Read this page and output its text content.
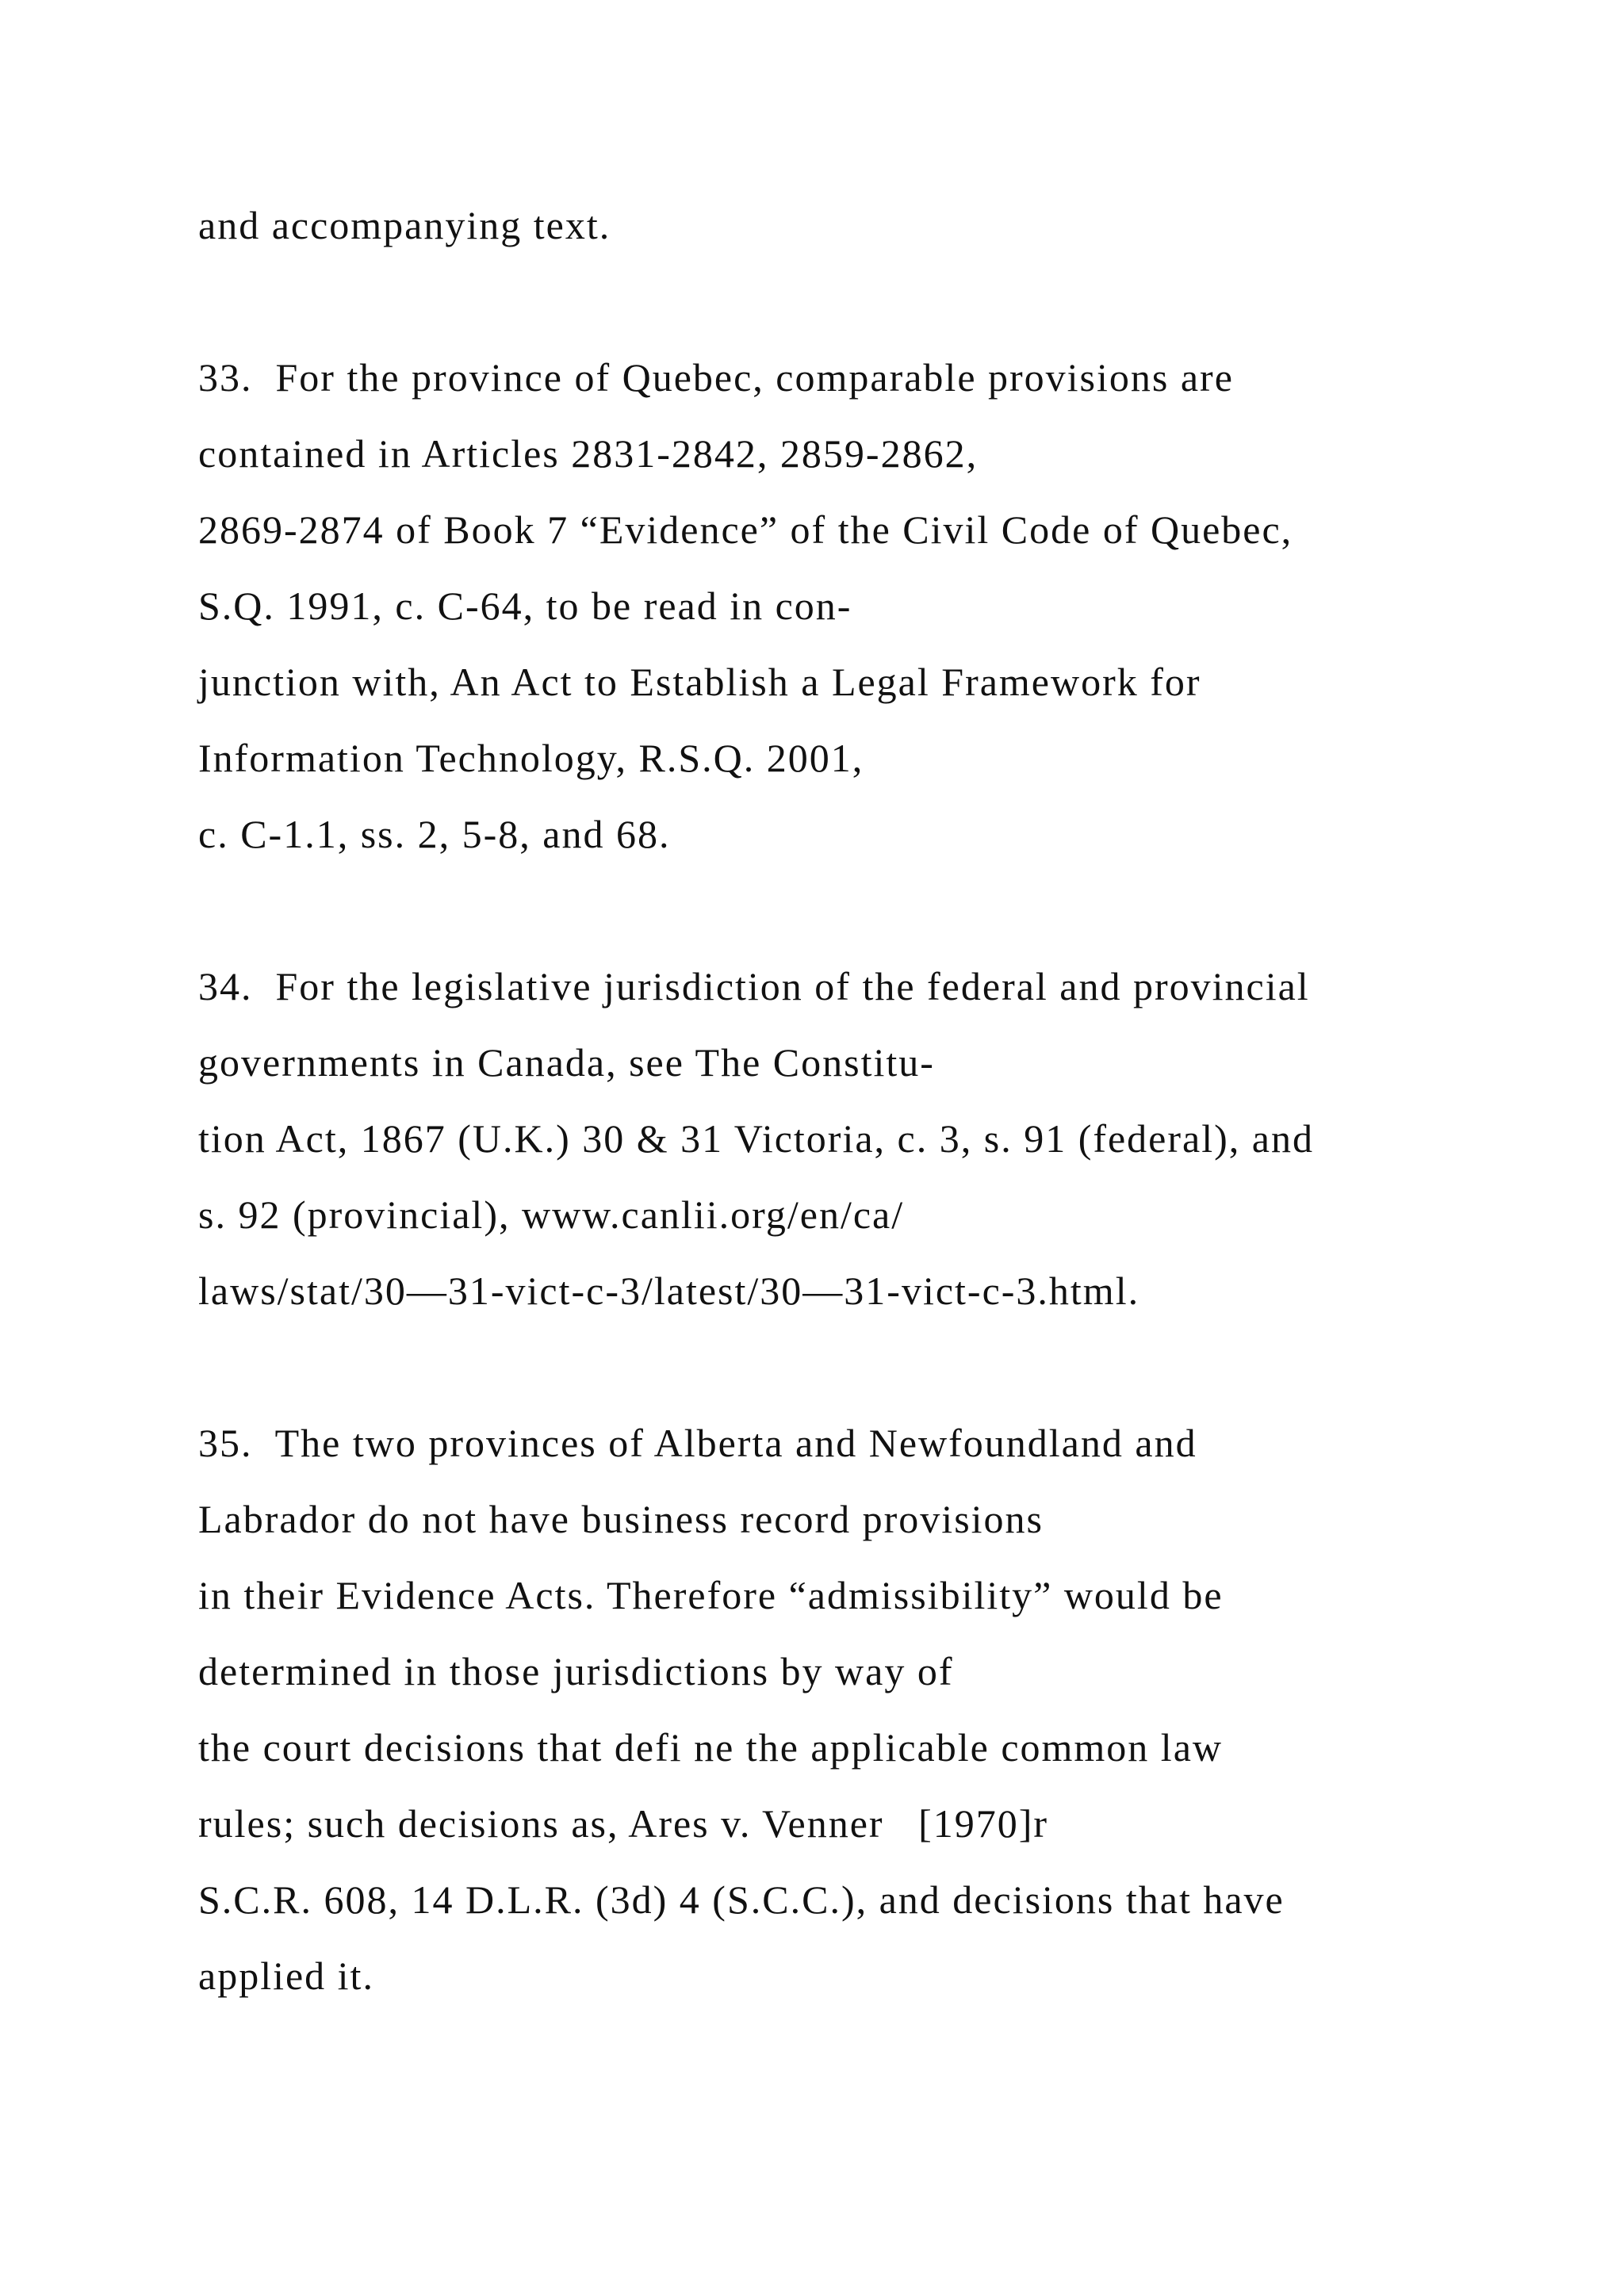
and accompanying text.
33.  For the province of Quebec, comparable provisions are
contained in Articles 2831-2842, 2859-2862,
2869-2874 of Book 7 “Evidence” of the Civil Code of Quebec,
S.Q. 1991, c. C-64, to be read in con-
junction with, An Act to Establish a Legal Framework for
Information Technology, R.S.Q. 2001,
c. C-1.1, ss. 2, 5-8, and 68.
34.  For the legislative jurisdiction of the federal and provincial
governments in Canada, see The Constitu-
tion Act, 1867 (U.K.) 30 & 31 Victoria, c. 3, s. 91 (federal), and
s. 92 (provincial), www.canlii.org/en/ca/
laws/stat/30—31-vict-c-3/latest/30—31-vict-c-3.html.
35.  The two provinces of Alberta and Newfoundland and
Labrador do not have business record provisions
in their Evidence Acts. Therefore “admissibility” would be
determined in those jurisdictions by way of
the court decisions that defi ne the applicable common law
rules; such decisions as, Ares v. Venner   [1970]r
S.C.R. 608, 14 D.L.R. (3d) 4 (S.C.C.), and decisions that have
applied it.
